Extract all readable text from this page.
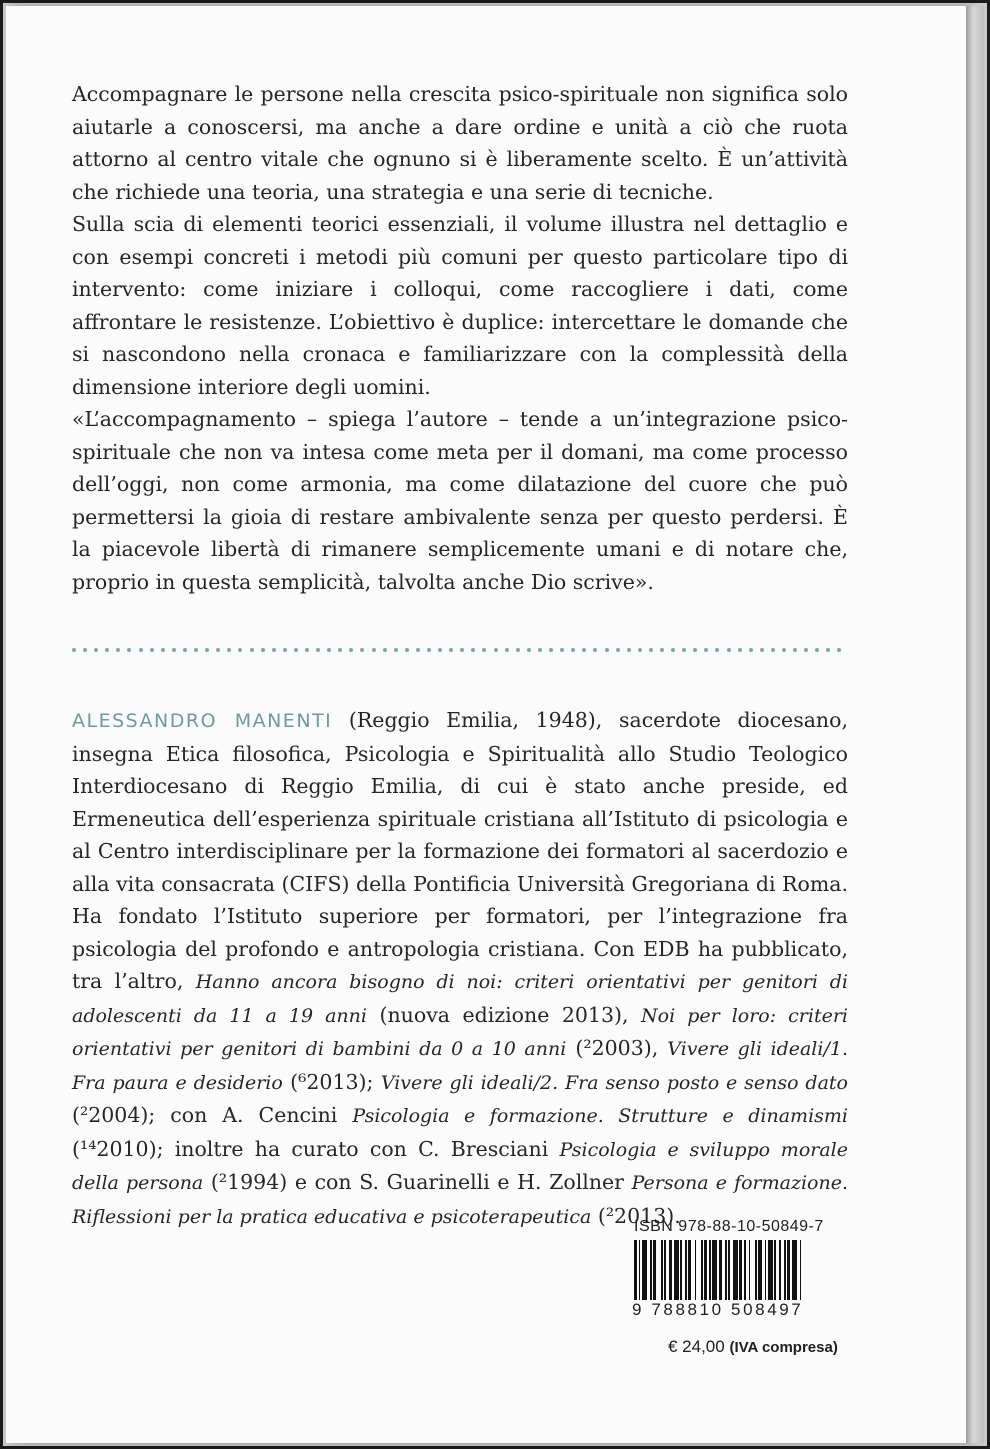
Accompagnare le persone nella crescita psico-spirituale non significa solo aiutarle a conoscersi, ma anche a dare ordine e unità a ciò che ruota attorno al centro vitale che ognuno si è liberamente scelto. È un’attività che richiede una teoria, una strategia e una serie di tecniche.

Sulla scia di elementi teorici essenziali, il volume illustra nel dettaglio e con esempi concreti i metodi più comuni per questo particolare tipo di intervento: come iniziare i colloqui, come raccogliere i dati, come affrontare le resistenze. L’obiettivo è duplice: intercettare le domande che si nascondono nella cronaca e familiarizzare con la complessità della dimensione interiore degli uomini.

«L’accompagnamento – spiega l’autore – tende a un’integrazione psico-spirituale che non va intesa come meta per il domani, ma come processo dell’oggi, non come armonia, ma come dilatazione del cuore che può permettersi la gioia di restare ambivalente senza per questo perdersi. È la piacevole libertà di rimanere semplicemente umani e di notare che, proprio in questa semplicità, talvolta anche Dio scrive».

ALESSANDRO MANENTI (Reggio Emilia, 1948), sacerdote diocesano, insegna Etica filosofica, Psicologia e Spiritualità allo Studio Teologico Interdiocesano di Reggio Emilia, di cui è stato anche preside, ed Ermeneutica dell’esperienza spirituale cristiana all’Istituto di psicologia e al Centro interdisciplinare per la formazione dei formatori al sacerdozio e alla vita consacrata (CIFS) della Pontificia Università Gregoriana di Roma. Ha fondato l’Istituto superiore per formatori, per l’integrazione fra psicologia del profondo e antropologia cristiana. Con EDB ha pubblicato, tra l’altro, Hanno ancora bisogno di noi: criteri orientativi per genitori di adolescenti da 11 a 19 anni (nuova edizione 2013), Noi per loro: criteri orientativi per genitori di bambini da 0 a 10 anni (²2003), Vivere gli ideali/1. Fra paura e desiderio (⁶2013); Vivere gli ideali/2. Fra senso posto e senso dato (²2004); con A. Cencini Psicologia e formazione. Strutture e dinamismi (¹⁴2010); inoltre ha curato con C. Bresciani Psicologia e sviluppo morale della persona (²1994) e con S. Guarinelli e H. Zollner Persona e formazione. Riflessioni per la pratica educativa e psicoterapeutica (²2013).

ISBN 978-88-10-50849-7
9 788810 508497
€ 24,00 (IVA compresa)
